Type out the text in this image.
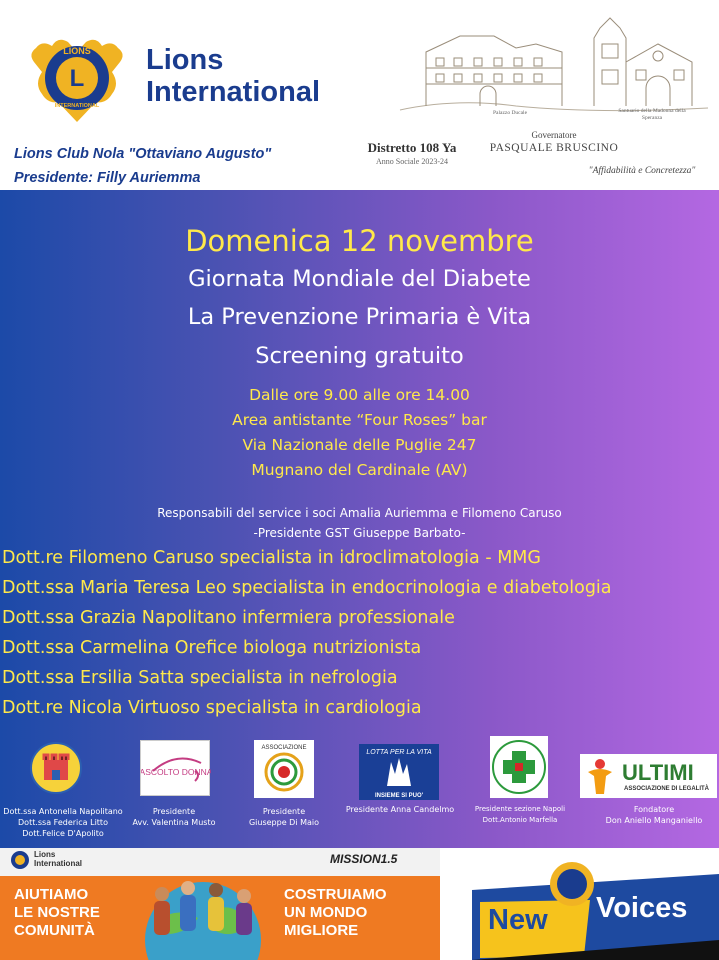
L
LIONS
INTERNATIONAL
Lions
International
Lions Club Nola "Ottaviano Augusto"
Presidente: Filly Auriemma
Palazzo Ducale	Santuario della Madonna della Speranza
Distretto 108 Ya
Anno Sociale 2023-24
Governatore
PASQUALE BRUSCINO
"Affidabilità e Concretezza"
Domenica 12 novembre
Giornata Mondiale del Diabete
La Prevenzione Primaria è Vita
Screening gratuito
Dalle ore 9.00 alle ore 14.00
Area antistante “Four Roses” bar
Via Nazionale delle Puglie 247
Mugnano del Cardinale (AV)
Responsabili del service i soci Amalia Auriemma e Filomeno Caruso
-Presidente GST Giuseppe Barbato-
Dott.re Filomeno Caruso specialista in idroclimatologia - MMG
Dott.ssa Maria Teresa Leo specialista in endocrinologia e diabetologia
Dott.ssa Grazia Napolitano infermiera professionale
Dott.ssa Carmelina Orefice biologa nutrizionista
Dott.ssa Ersilia Satta specialista in nefrologia
Dott.re Nicola Virtuoso specialista in cardiologia
ASCOLTO DONNA
ASSOCIAZIONE
LOTTA PER LA VITA
INSIEME SI PUO'
ULTIMI
ASSOCIAZIONE DI LEGALITÀ
Dott.ssa Antonella Napolitano
Dott.ssa Federica Litto
Dott.Felice D'Apolito
Presidente
Avv. Valentina Musto
Presidente
Giuseppe Di Maio
Presidente Anna Candelmo	Presidente sezione Napoli
Dott.Antonio Marfella
Fondatore
Don Aniello Manganiello
AIUTIAMO
LE NOSTRE
COMUNITÀ
COSTRUIAMO
UN MONDO
MIGLIORE
Lions
International	MISSION1.5
New Voices
